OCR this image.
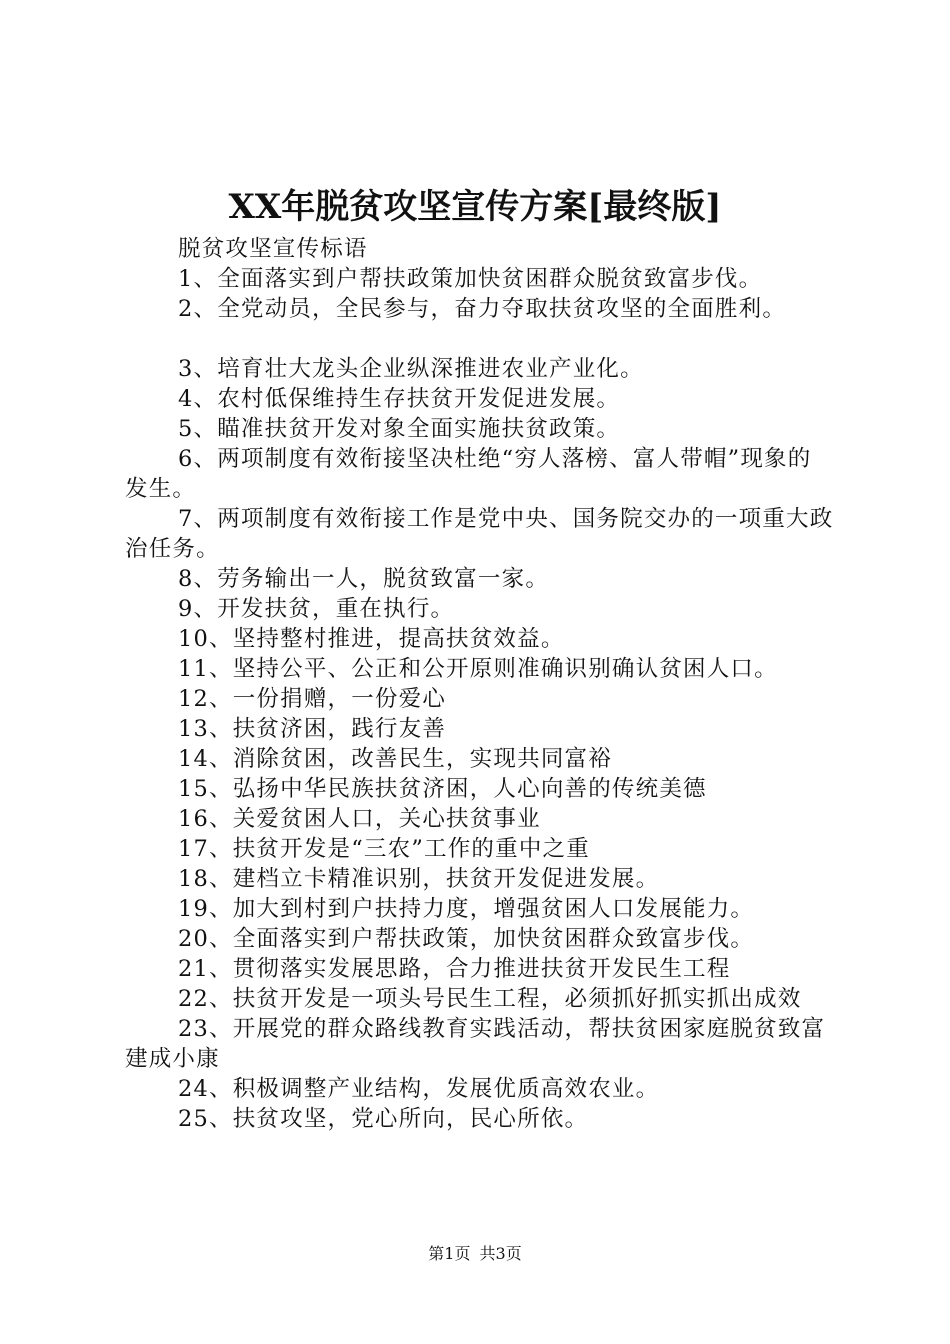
XX年脱贫攻坚宣传方案[最终版]

脱贫攻坚宣传标语

1、全面落实到户帮扶政策加快贫困群众脱贫致富步伐。

2、全党动员，全民参与，奋力夺取扶贫攻坚的全面胜利。

3、培育壮大龙头企业纵深推进农业产业化。

4、农村低保维持生存扶贫开发促进发展。

5、瞄准扶贫开发对象全面实施扶贫政策。

6、两项制度有效衔接坚决杜绝“穷人落榜、富人带帽”现象的发生。

7、两项制度有效衔接工作是党中央、国务院交办的一项重大政治任务。

8、劳务输出一人，脱贫致富一家。

9、开发扶贫，重在执行。

10、坚持整村推进，提高扶贫效益。

11、坚持公平、公正和公开原则准确识别确认贫困人口。

12、一份捐赠，一份爱心

13、扶贫济困，践行友善

14、消除贫困，改善民生，实现共同富裕

15、弘扬中华民族扶贫济困，人心向善的传统美德

16、关爱贫困人口，关心扶贫事业

17、扶贫开发是“三农”工作的重中之重

18、建档立卡精准识别，扶贫开发促进发展。

19、加大到村到户扶持力度，增强贫困人口发展能力。

20、全面落实到户帮扶政策，加快贫困群众致富步伐。

21、贯彻落实发展思路，合力推进扶贫开发民生工程

22、扶贫开发是一项头号民生工程，必须抓好抓实抓出成效

23、开展党的群众路线教育实践活动，帮扶贫困家庭脱贫致富建成小康

24、积极调整产业结构，发展优质高效农业。

25、扶贫攻坚，党心所向，民心所依。

第1页 共3页
